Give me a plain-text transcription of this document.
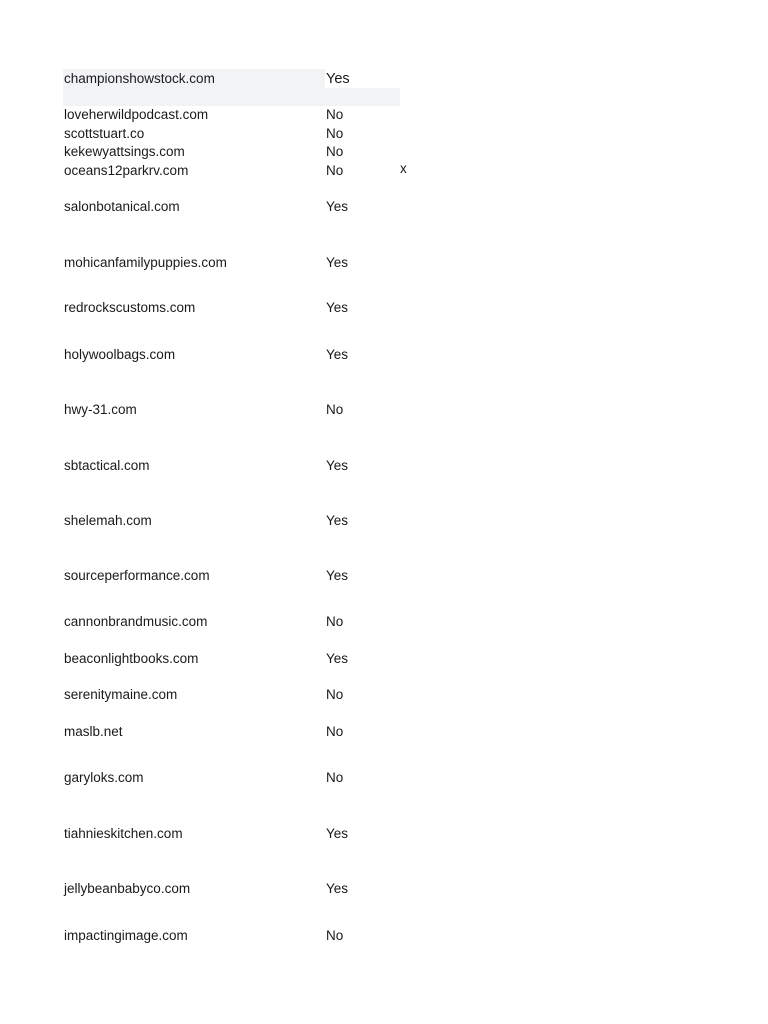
championshowstock.com	Yes
loveherwildpodcast.com	No
scottstuart.co	No
kekewyattsings.com	No
oceans12parkrv.com	No	x
salonbotanical.com	Yes
mohicanfamilypuppies.com	Yes
redrockscustoms.com	Yes
holywoolbags.com	Yes
hwy-31.com	No
sbtactical.com	Yes
shelemah.com	Yes
sourceperformance.com	Yes
cannonbrandmusic.com	No
beaconlightbooks.com	Yes
serenitymaine.com	No
maslb.net	No
garyloks.com	No
tiahnieskitchen.com	Yes
jellybeanbabyco.com	Yes
impactingimage.com	No
